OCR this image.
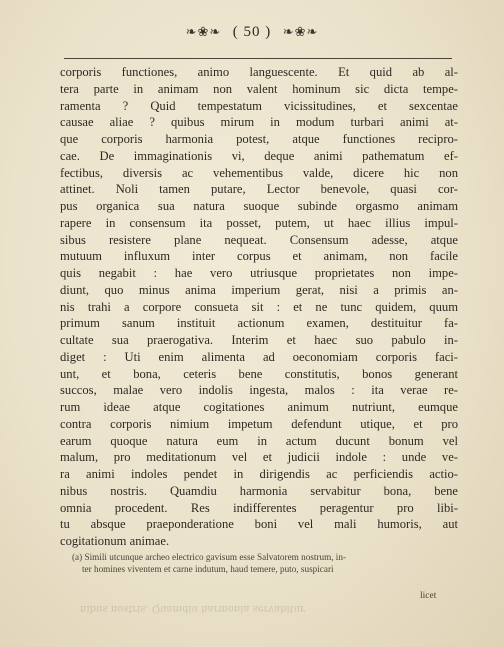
❧❀❧ ( 50 ) ❧❀❧
corporis functiones, animo languescente. Et quid ab al-
tera parte in animam non valent hominum sic dicta tempe-
ramenta ? Quid tempestatum vicissitudines, et sexcentae
causae aliae ? quibus mirum in modum turbari animi at-
que corporis harmonia potest, atque functiones recipro-
cae. De immaginationis vi, deque animi pathematum ef-
fectibus, diversis ac vehementibus valde, dicere hic non
attinet. Noli tamen putare, Lector benevole, quasi cor-
pus organica sua natura suoque subinde orgasmo animam
rapere in consensum ita posset, putem, ut haec illius impul-
sibus resistere plane nequeat. Consensum adesse, atque
mutuum influxum inter corpus et animam, non facile
quis negabit : hae vero utriusque proprietates non impe-
diunt, quo minus anima imperium gerat, nisi a primis an-
nis trahi a corpore consueta sit : et ne tunc quidem, quum
primum sanum instituit actionum examen, destituitur fa-
cultate sua praerogativa. Interim et haec suo pabulo in-
diget : Uti enim alimenta ad oeconomiam corporis faci-
unt, et bona, ceteris bene constitutis, bonos generant
succos, malae vero indolis ingesta, malos : ita verae re-
rum ideae atque cogitationes animum nutriunt, eumque
contra corporis nimium impetum defendunt utique, et pro
earum quoque natura eum in actum ducunt bonum vel
malum, pro meditationum vel et judicii indole : unde ve-
ra animi indoles pendet in dirigendis ac perficiendis actio-
nibus nostris. Quamdiu harmonia servabitur bona, bene
omnia procedent. Res indifferentes peragentur pro libi-
tu absque praeponderatione boni vel mali humoris, aut
cogitationum animae.
(a) Simili utcunque archeo electrico gavisum esse Salvatorem nostrum, in-
ter homines viventem et carne indutum, haud temere, puto, suspicari
licet
nibus nostris. Quamdiu harmonia servabitur
